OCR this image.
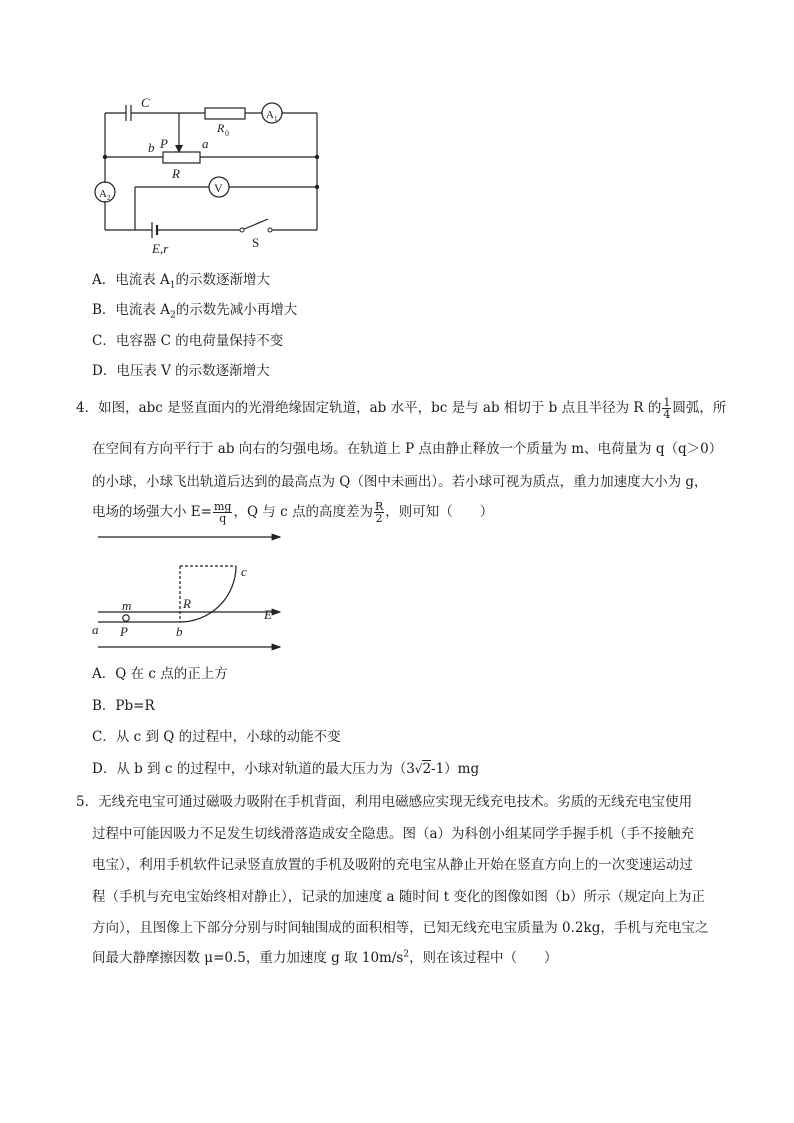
C
R 0
A 1
P
b	a
R
A 2
V
E,r	S
A．电流表 $A_1$的示数逐渐增大
B．电流表 $A_2$的示数先减小再增大
C．电容器 C 的电荷量保持不变
D．电压表 V 的示数逐渐增大
4．如图，abc 是竖直面内的光滑绝缘固定轨道，ab 水平，bc 是与 ab 相切于 b 点且半径为 R 的 $\frac{1}{4}$ 圆弧，所
在空间有方向平行于 ab 向右的匀强电场。在轨道上 P 点由静止释放一个质量为 m、电荷量为 q（q＞0）
的小球，小球飞出轨道后达到的最高点为 Q（图中未画出）。若小球可视为质点，重力加速度大小为 g，
电场的场强大小 $E= \frac{mg}{q}$ ，Q 与 c 点的高度差为 $\frac{R}{2}$ ，则可知（　　）
c
R
E
m
a P	b
A．Q 在 c 点的正上方
B．Pb=R
C．从 c 到 Q 的过程中，小球的动能不变
D．从 b 到 c 的过程中，小球对轨道的最大压力为（3√2-1）mg
5．无线充电宝可通过磁吸力吸附在手机背面，利用电磁感应实现无线充电技术。劣质的无线充电宝使用
过程中可能因吸力不足发生切线滑落造成安全隐患。图（a）为科创小组某同学手握手机（手不接触充
电宝），利用手机软件记录竖直放置的手机及吸附的充电宝从静止开始在竖直方向上的一次变速运动过
程（手机与充电宝始终相对静止），记录的加速度 a 随时间 t 变化的图像如图（b）所示（规定向上为正
方向），且图像上下部分分别与时间轴围成的面积相等，已知无线充电宝质量为 0.2kg，手机与充电宝之
间最大静摩擦因数 μ=0.5，重力加速度 g 取 $10m/s^2$，则在该过程中（　　）
